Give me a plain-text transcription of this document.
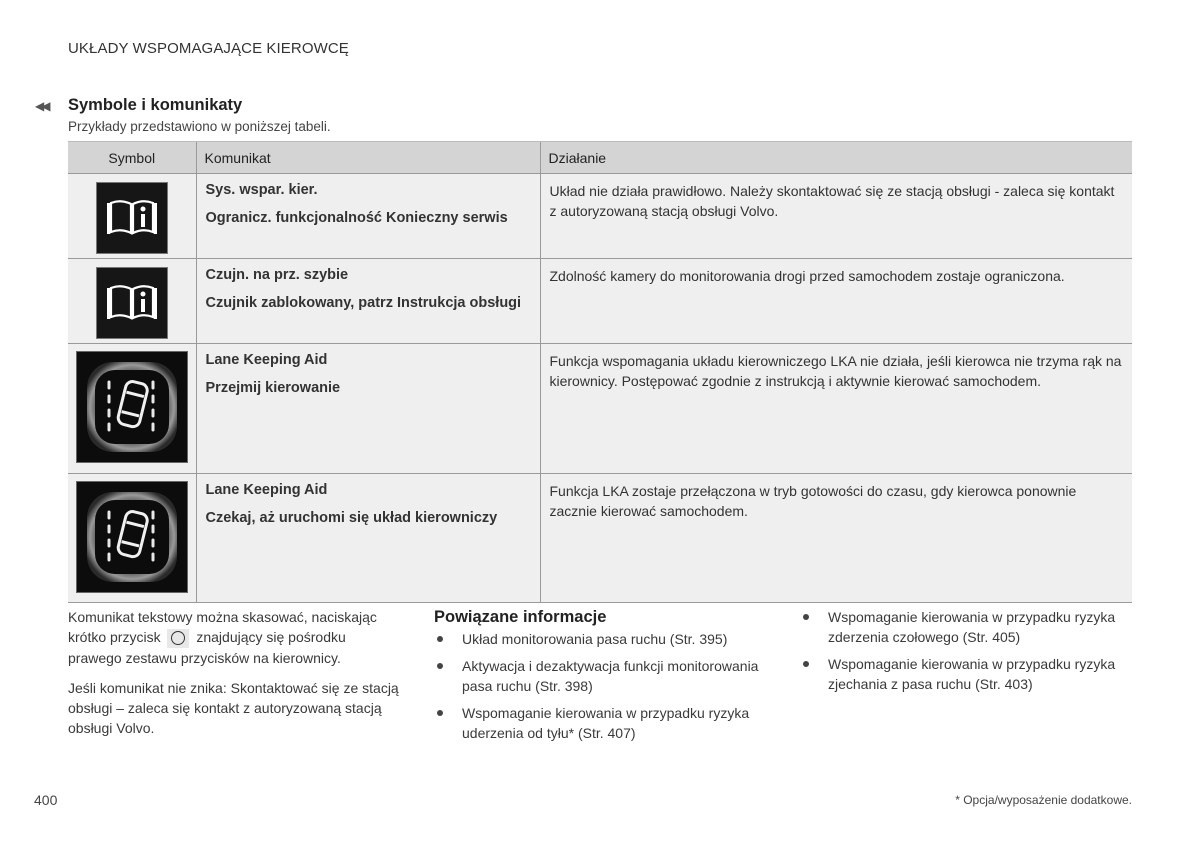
UKŁADY WSPOMAGAJĄCE KIEROWCĘ
◀◀ Symbole i komunikaty
Przykłady przedstawiono w poniższej tabeli.
Symbol	Komunikat	Działanie

Sys. wspar. kier.
Ogranicz. funkcjonalność Konieczny serwis	Układ nie działa prawidłowo. Należy skontaktować się ze stacją obsługi - zaleca się kontakt z autoryzowaną stacją obsługi Volvo.

Czujn. na prz. szybie
Czujnik zablokowany, patrz Instrukcja obsługi	Zdolność kamery do monitorowania drogi przed samochodem zostaje ograniczona.

Lane Keeping Aid
Przejmij kierowanie	Funkcja wspomagania układu kierowniczego LKA nie działa, jeśli kierowca nie trzyma rąk na kierownicy. Postępować zgodnie z instrukcją i aktywnie kierować samochodem.

Lane Keeping Aid
Czekaj, aż uruchomi się układ kierowniczy	Funkcja LKA zostaje przełączona w tryb gotowości do czasu, gdy kierowca ponownie zacznie kierować samochodem.

Komunikat tekstowy można skasować, naciskając krótko przycisk	znajdujący się pośrodku prawego zestawu przycisków na kierownicy.

Jeśli komunikat nie znika: Skontaktować się ze stacją obsługi – zaleca się kontakt z autoryzowaną stacją obsługi Volvo.

Powiązane informacje
Układ monitorowania pasa ruchu (Str. 395)
Aktywacja i dezaktywacja funkcji monitorowania pasa ruchu (Str. 398)
Wspomaganie kierowania w przypadku ryzyka uderzenia od tyłu* (Str. 407)
Wspomaganie kierowania w przypadku ryzyka zderzenia czołowego (Str. 405)
Wspomaganie kierowania w przypadku ryzyka zjechania z pasa ruchu (Str. 403)
400	* Opcja/wyposażenie dodatkowe.
